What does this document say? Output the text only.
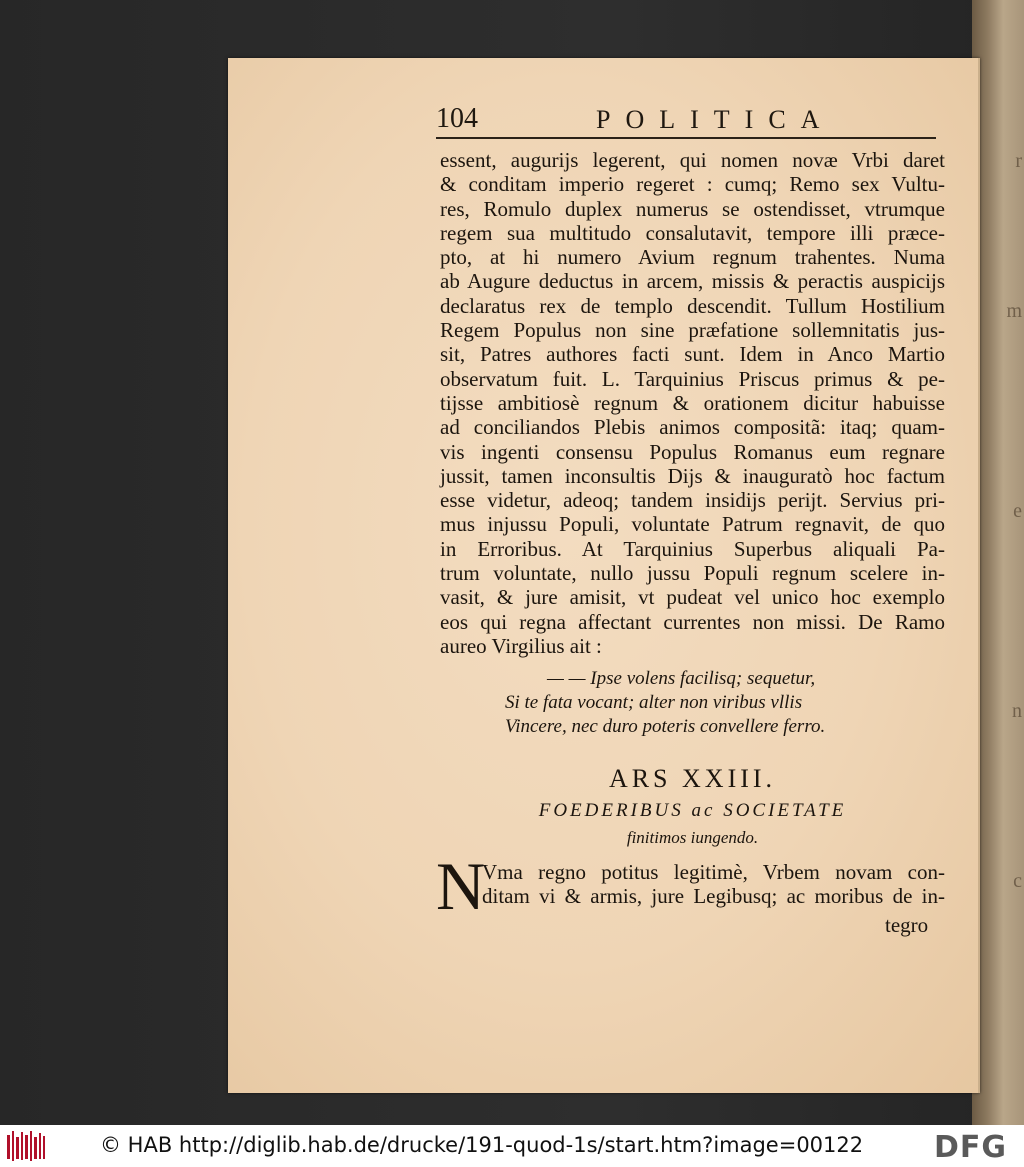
r
m
e
n
c
104	POLITICA
essent, augurijs legerent, qui nomen novæ Vrbi daret
& conditam imperio regeret : cumq; Remo sex Vultu-
res, Romulo duplex numerus se ostendisset, vtrumque
regem sua multitudo consalutavit, tempore illi præce-
pto, at hi numero Avium regnum trahentes. Numa
ab Augure deductus in arcem, missis & peractis auspicijs
declaratus rex de templo descendit. Tullum Hostilium
Regem Populus non sine præfatione sollemnitatis jus-
sit, Patres authores facti sunt. Idem in Anco Martio
observatum fuit. L. Tarquinius Priscus primus & pe-
tijsse ambitiosè regnum & orationem dicitur habuisse
ad conciliandos Plebis animos compositã: itaq; quam-
vis ingenti consensu Populus Romanus eum regnare
jussit, tamen inconsultis Dijs & inauguratò hoc factum
esse videtur, adeoq; tandem insidijs perijt. Servius pri-
mus injussu Populi, voluntate Patrum regnavit, de quo
in Erroribus. At Tarquinius Superbus aliquali Pa-
trum voluntate, nullo jussu Populi regnum scelere in-
vasit, & jure amisit, vt pudeat vel unico hoc exemplo
eos qui regna affectant currentes non missi. De Ramo
aureo Virgilius ait :
— — Ipse volens facilisq; sequetur,
Si te fata vocant; alter non viribus vllis
Vincere, nec duro poteris convellere ferro.
ARS XXIII.
FOEDERIBUS ac SOCIETATE
finitimos iungendo.
N
Vma regno potitus legitimè, Vrbem novam con-
ditam vi & armis, jure Legibusq; ac moribus de in-
tegro
© HAB http://diglib.hab.de/drucke/191-quod-1s/start.htm?image=00122 DFG
